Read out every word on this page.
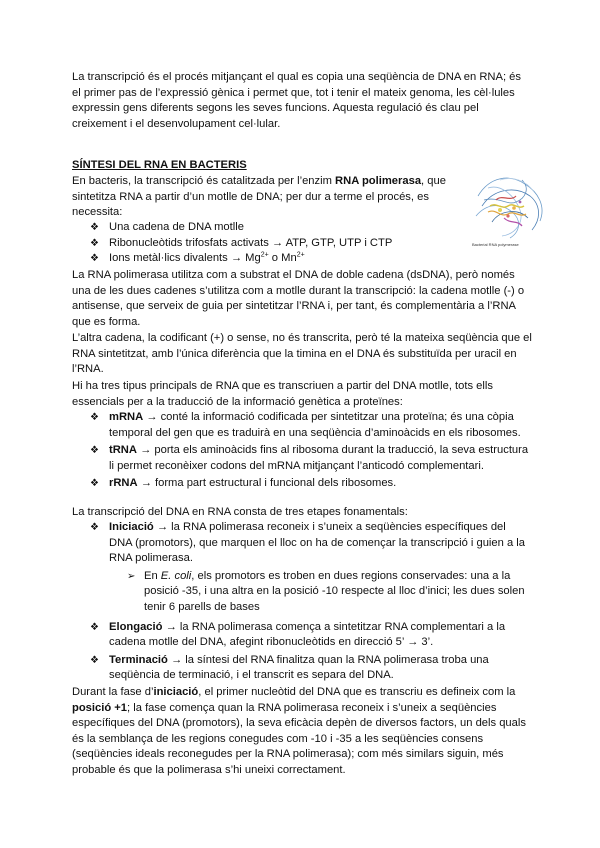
La transcripció és el procés mitjançant el qual es copia una seqüència de DNA en RNA; és el primer pas de l’expressió gènica i permet que, tot i tenir el mateix genoma, les cèl·lules expressin gens diferents segons les seves funcions. Aquesta regulació és clau pel creixement i el desenvolupament cel·lular.

SÍNTESI DEL RNA EN BACTERIS

En bacteris, la transcripció és catalitzada per l’enzim RNA polimerasa, que sintetitza RNA a partir d’un motlle de DNA; per dur a terme el procés, es necessita:

❖ Una cadena de DNA motlle
❖ Ribonucleòtids trifosfats activats → ATP, GTP, UTP i CTP
❖ Ions metàl·lics divalents → $Mg^{2+}$ o $Mn^{2+}$
Bacterial RNA polymerase

La RNA polimerasa utilitza com a substrat el DNA de doble cadena (dsDNA), però només una de les dues cadenes s’utilitza com a motlle durant la transcripció: la cadena motlle (-) o antisense, que serveix de guia per sintetitzar l’RNA i, per tant, és complementària a l’RNA que es forma.

L’altra cadena, la codificant (+) o sense, no és transcrita, però té la mateixa seqüència que el RNA sintetitzat, amb l’única diferència que la timina en el DNA és substituïda per uracil en l’RNA.

Hi ha tres tipus principals de RNA que es transcriuen a partir del DNA motlle, tots ells essencials per a la traducció de la informació genètica a proteïnes:

❖ mRNA → conté la informació codificada per sintetitzar una proteïna; és una còpia temporal del gen que es traduirà en una seqüència d’aminoàcids en els ribosomes.
❖ tRNA → porta els aminoàcids fins al ribosoma durant la traducció, la seva estructura li permet reconèixer codons del mRNA mitjançant l’anticodó complementari.
❖ rRNA → forma part estructural i funcional dels ribosomes.

La transcripció del DNA en RNA consta de tres etapes fonamentals:

❖ Iniciació → la RNA polimerasa reconeix i s’uneix a seqüències específiques del DNA (promotors), que marquen el lloc on ha de començar la transcripció i guien a la RNA polimerasa.
➢ En E. coli, els promotors es troben en dues regions conservades: una a la posició -35, i una altra en la posició -10 respecte al lloc d’inici; les dues solen tenir 6 parells de bases
❖ Elongació → la RNA polimerasa comença a sintetitzar RNA complementari a la cadena motlle del DNA, afegint ribonucleòtids en direcció 5’ → 3’.
❖ Terminació → la síntesi del RNA finalitza quan la RNA polimerasa troba una seqüència de terminació, i el transcrit es separa del DNA.

Durant la fase d’iniciació, el primer nucleòtid del DNA que es transcriu es defineix com la posició +1; la fase comença quan la RNA polimerasa reconeix i s’uneix a seqüències específiques del DNA (promotors), la seva eficàcia depèn de diversos factors, un dels quals és la semblança de les regions conegudes com -10 i -35 a les seqüències consens (seqüències ideals reconegudes per la RNA polimerasa); com més similars siguin, més probable és que la polimerasa s’hi uneixi correctament.
